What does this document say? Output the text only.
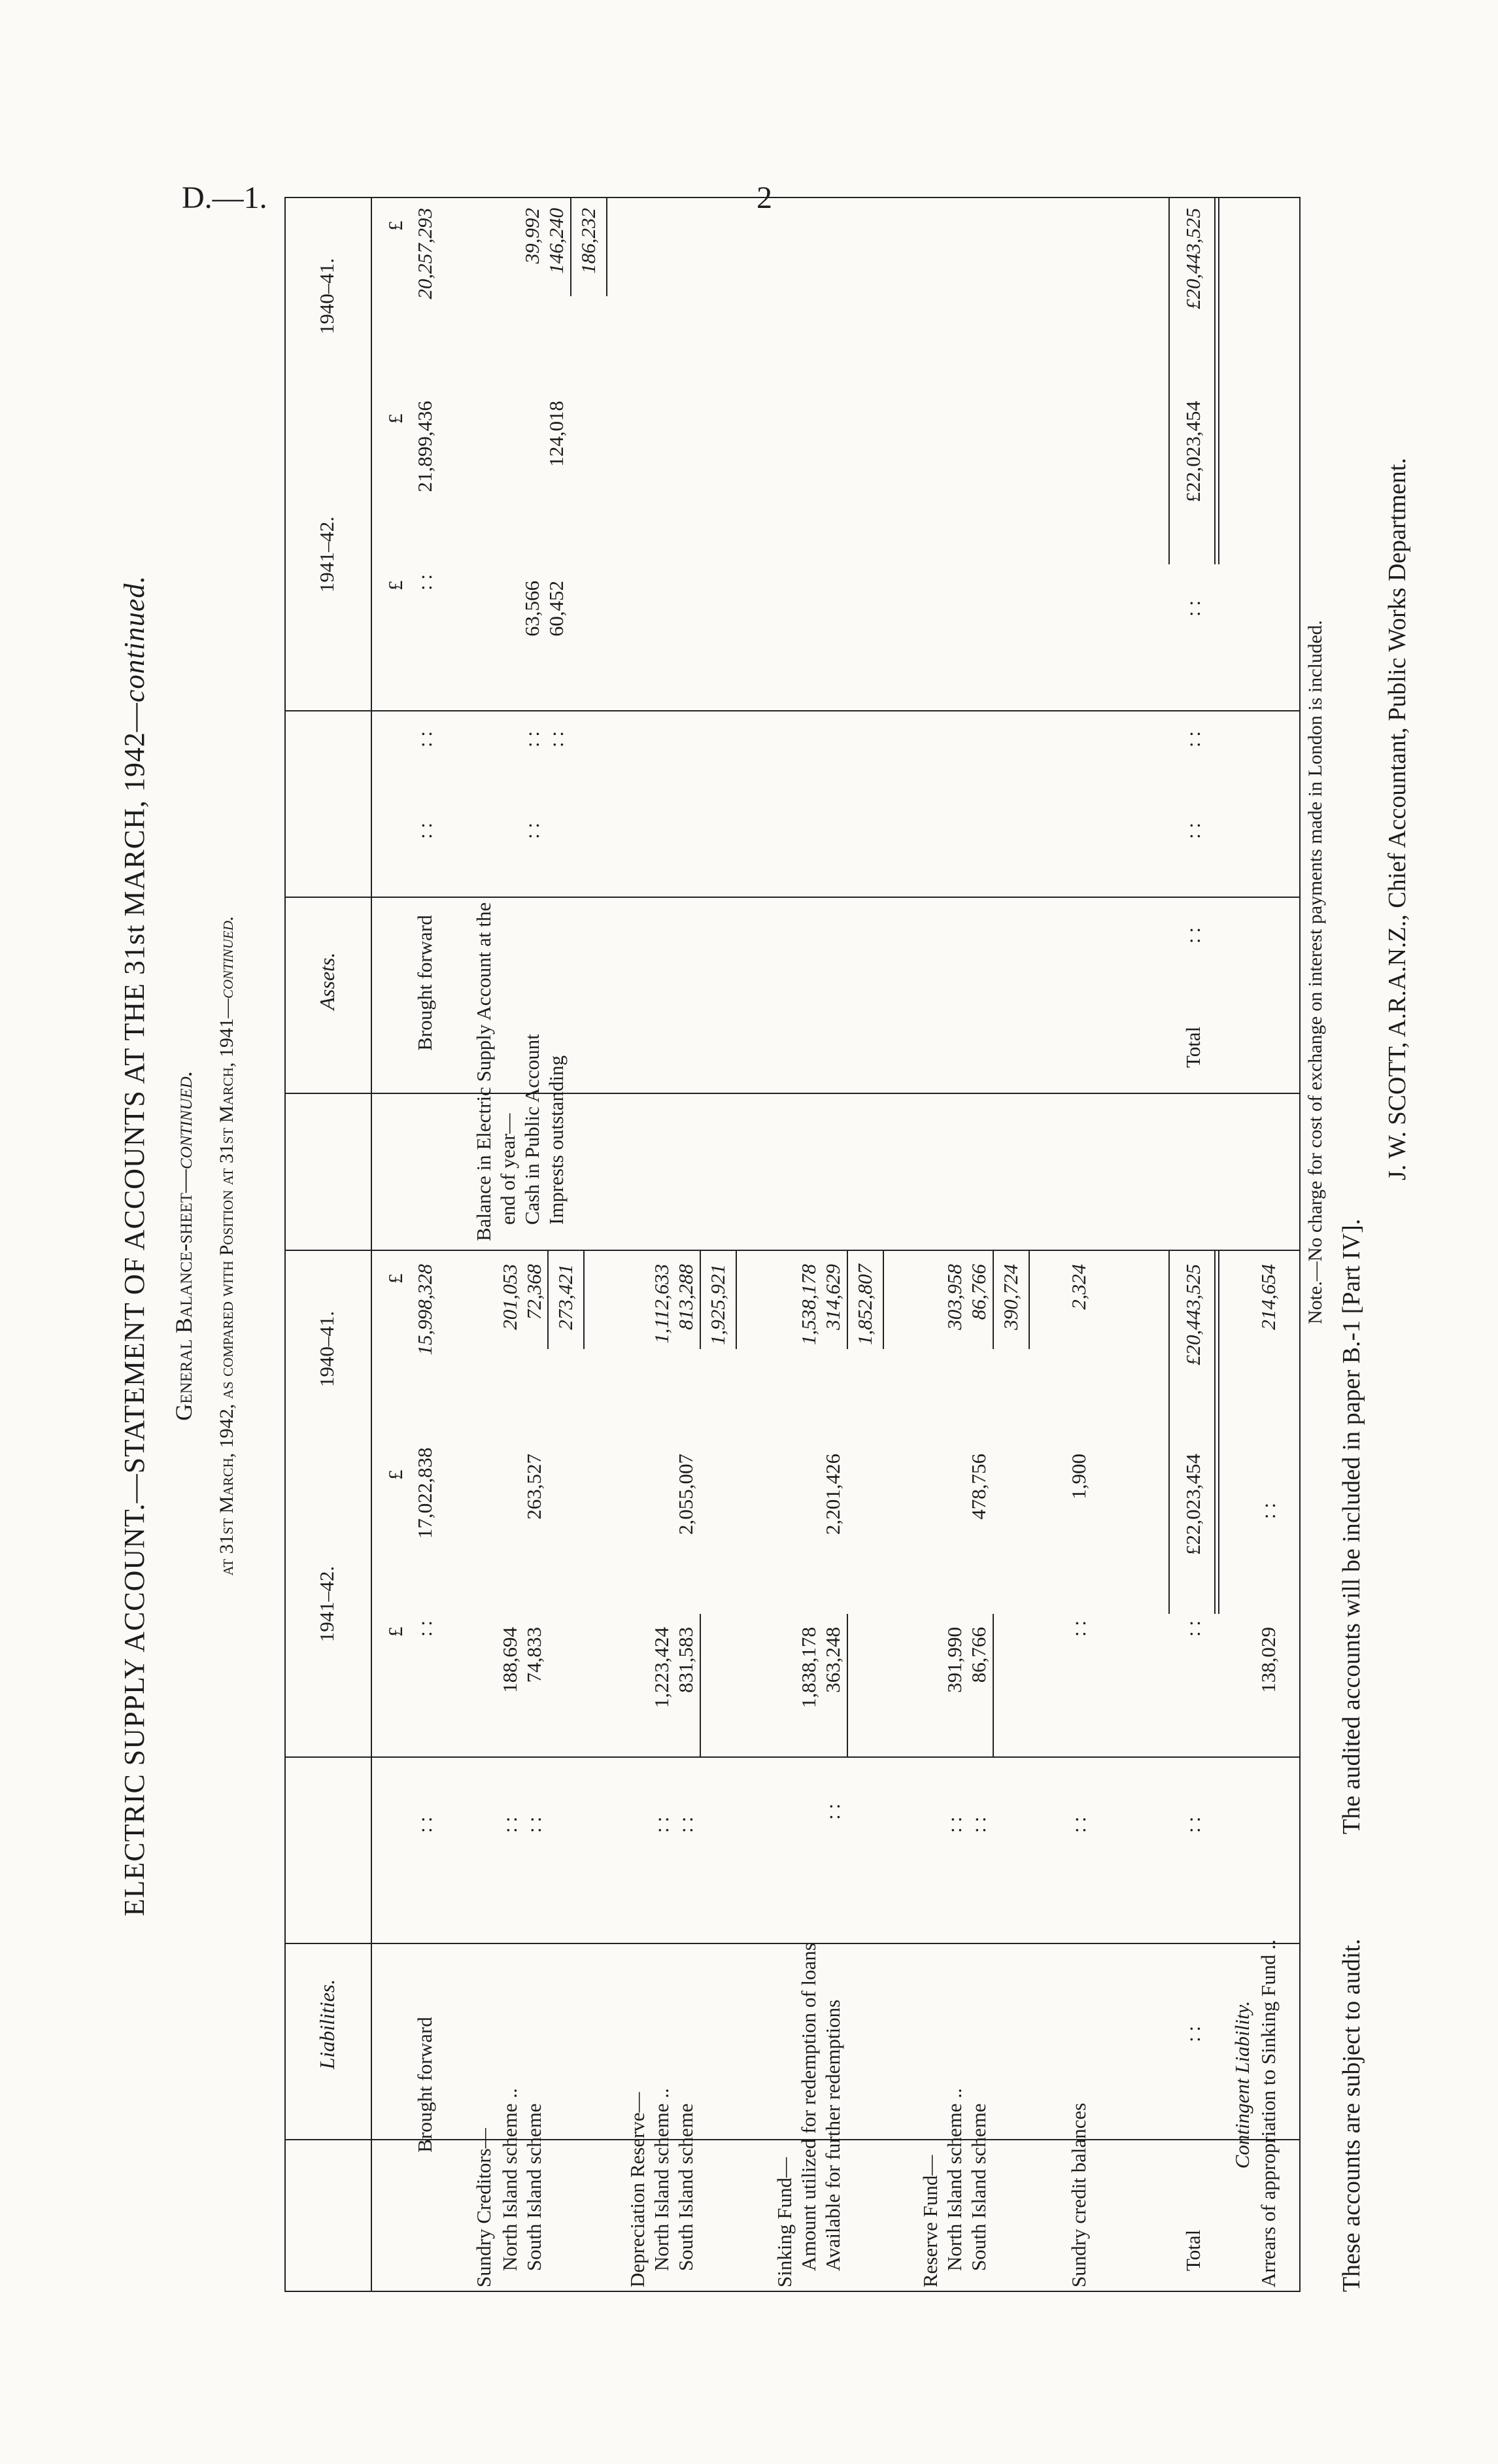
D.—1.	2
ELECTRIC SUPPLY ACCOUNT.—STATEMENT OF ACCOUNTS AT THE 31st MARCH, 1942—continued.
General Balance-sheet—continued. at 31st March, 1942, as compared with Position at 31st March, 1941—continued.
Liabilities.
1941–42.
1940–41.
Assets.
1941–42.
1940–41.
£
£
£
£
£
£
Brought forward
: :
: :
17,022,838
15,998,328
Sundry Creditors— North Island scheme .. South Island scheme
: : : :
188,694 74,833
263,527
201,053 72,368 273,421
Depreciation Reserve— North Island scheme .. South Island scheme
: : : :
1,223,424 831,583
2,055,007
1,112,633 813,288 1,925,921
Sinking Fund— Amount utilized for redemption of loans Available for further redemptions
: :
1,838,178 363,248
2,201,426
1,538,178 314,629 1,852,807
Reserve Fund— North Island scheme .. South Island scheme
: : : :
391,990 86,766
478,756
303,958 86,766 390,724
Sundry credit balances
: :
: :
1,900
2,324
Total
: :
: :
: :
£22,023,454
£20,443,525
Contingent Liability. Arrears of appropriation to Sinking Fund ..
138,029
: :
214,654
Brought forward
: :
: :
: :
21,899,436
20,257,293
Balance in Electric Supply Account at the end of year— Cash in Public Account Imprests outstanding
: :
: : : :
63,566 60,452
124,018
39,992 146,240 186,232
Total
: :
: :
: :
: :
£22,023,454
£20,443,525
Note.—No charge for cost of exchange on interest payments made in London is included.
These accounts are subject to audit.
The audited accounts will be included in paper B.-1 [Part IV].
J. W. SCOTT, A.R.A.N.Z., Chief Accountant, Public Works Department.
